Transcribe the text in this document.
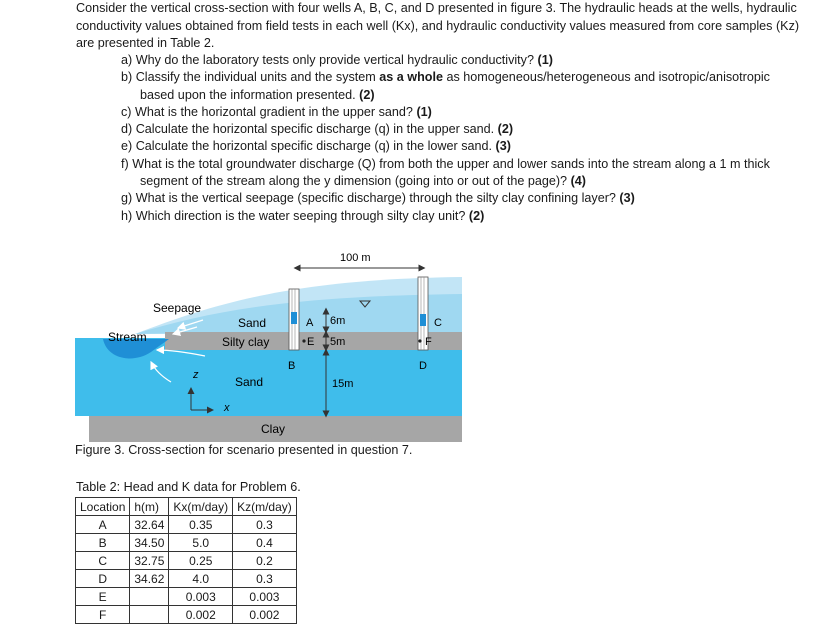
Consider the vertical cross-section with four wells A, B, C, and D presented in figure 3. The hydraulic heads at the wells, hydraulic conductivity values obtained from field tests in each well (Kx), and hydraulic conductivity values measured from core samples (Kz) are presented in Table 2.
a) Why do the laboratory tests only provide vertical hydraulic conductivity? (1)
b) Classify the individual units and the system as a whole as homogeneous/heterogeneous and isotropic/anisotropic based upon the information presented. (2)
c) What is the horizontal gradient in the upper sand? (1)
d) Calculate the horizontal specific discharge (q) in the upper sand. (2)
e) Calculate the horizontal specific discharge (q) in the lower sand. (3)
f) What is the total groundwater discharge (Q) from both the upper and lower sands into the stream along a 1 m thick segment of the stream along the y dimension (going into or out of the page)? (4)
g) What is the vertical seepage (specific discharge) through the silty clay confining layer? (3)
h) Which direction is the water seeping through silty clay unit? (2)
100 m
A
E
B
C
F
D
6m
5m
15m
Seepage
Stream
Sand
Silty clay
Sand
Clay
z
x
Figure 3. Cross-section for scenario presented in question 7.
Table 2: Head and K data for Problem 6.
Location	h(m)	Kx(m/day)	Kz(m/day)
A	32.64	0.35	0.3
B	34.50	5.0	0.4
C	32.75	0.25	0.2
D	34.62	4.0	0.3
E		0.003	0.003
F		0.002	0.002
